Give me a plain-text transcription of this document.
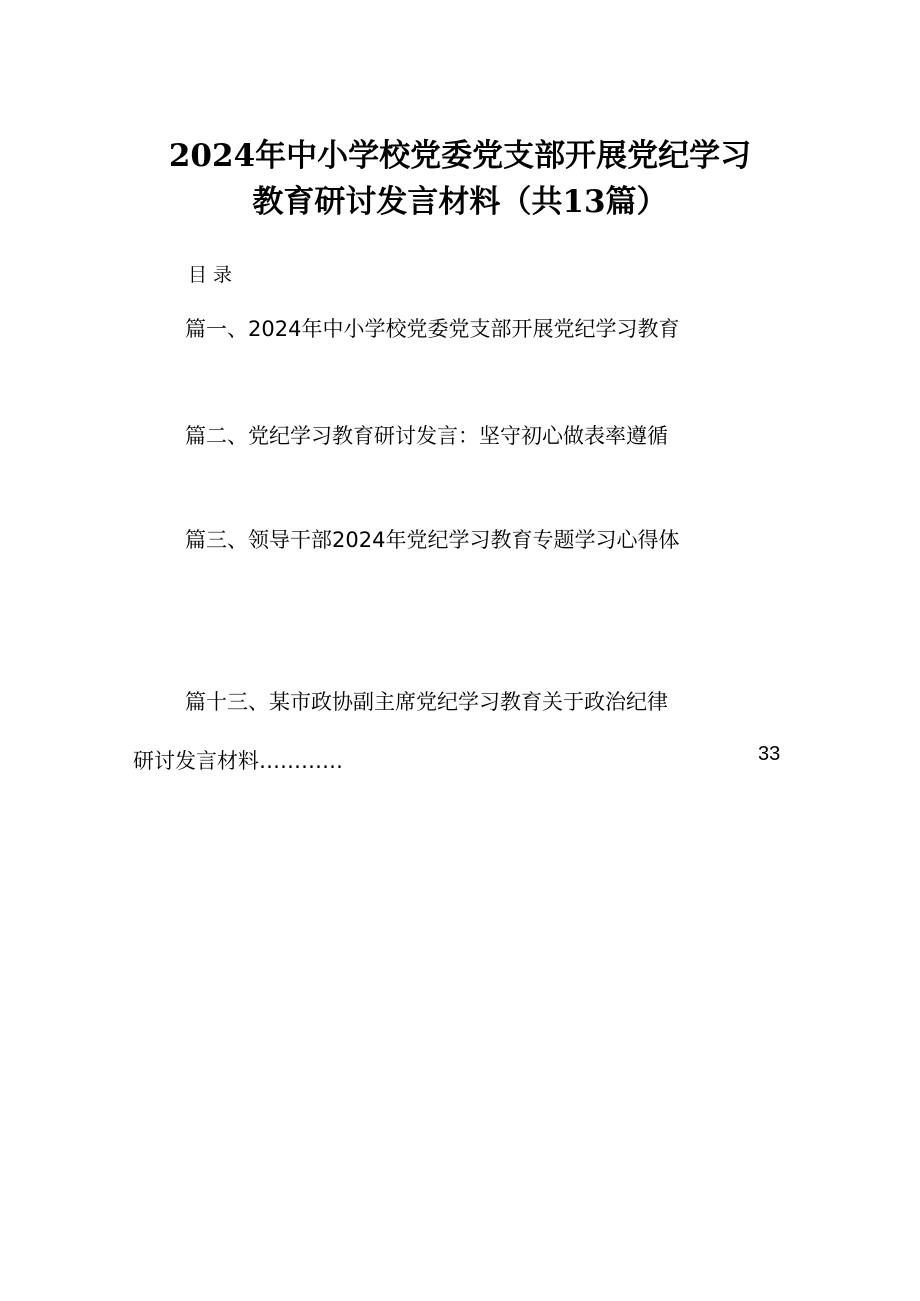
2024年中小学校党委党支部开展党纪学习
教育研讨发言材料（共13篇）
目录
篇一、2024年中小学校党委党支部开展党纪学习教育
篇二、党纪学习教育研讨发言：坚守初心做表率遵循
篇三、领导干部2024年党纪学习教育专题学习心得体
篇十三、某市政协副主席党纪学习教育关于政治纪律
研讨发言材料…………	33
